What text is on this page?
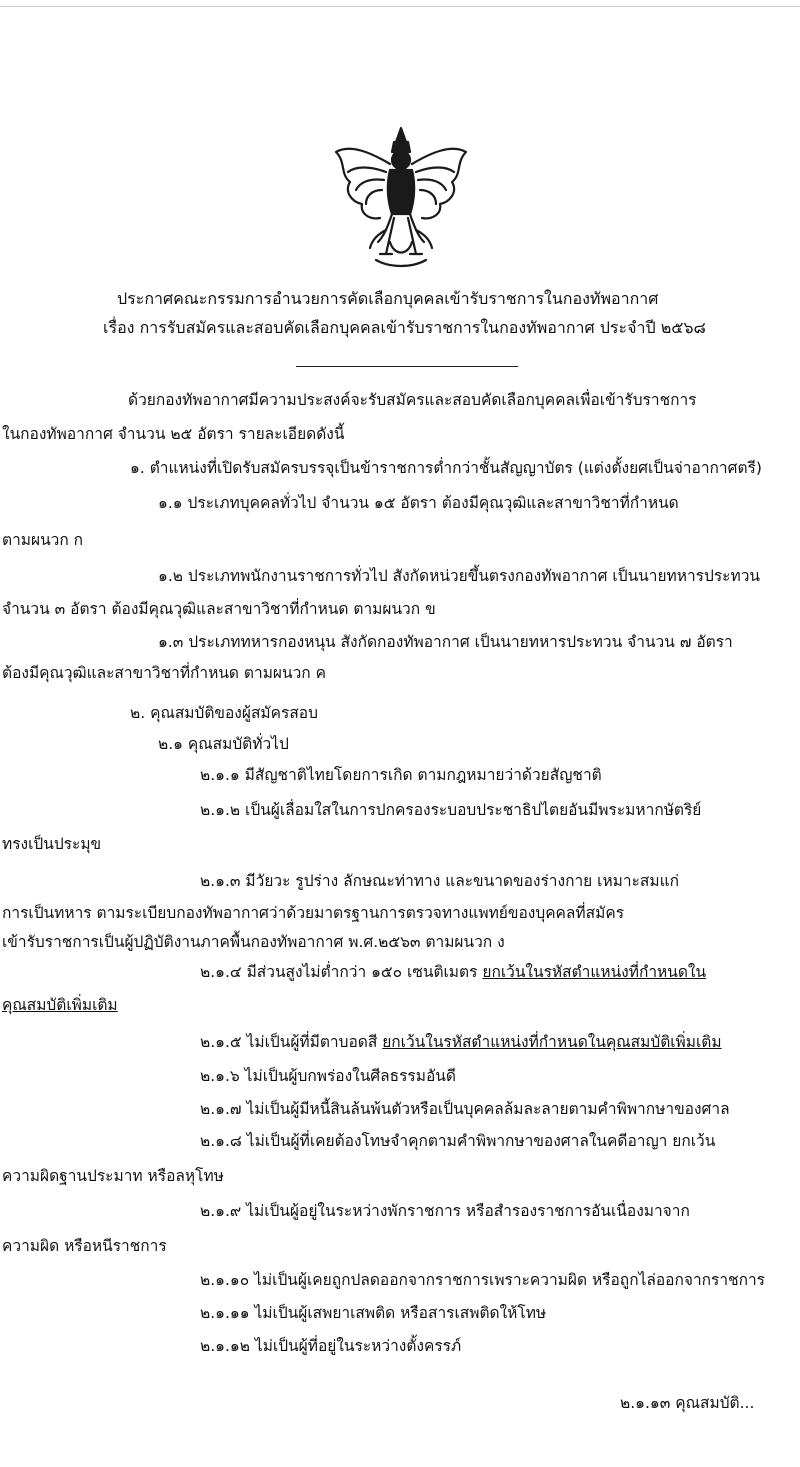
ประกาศคณะกรรมการอำนวยการคัดเลือกบุคคลเข้ารับราชการในกองทัพอากาศ
เรื่อง การรับสมัครและสอบคัดเลือกบุคคลเข้ารับราชการในกองทัพอากาศ ประจำปี ๒๕๖๘
ด้วยกองทัพอากาศมีความประสงค์จะรับสมัครและสอบคัดเลือกบุคคลเพื่อเข้ารับราชการ
ในกองทัพอากาศ จำนวน ๒๕ อัตรา รายละเอียดดังนี้
๑. ตำแหน่งที่เปิดรับสมัครบรรจุเป็นข้าราชการต่ำกว่าชั้นสัญญาบัตร (แต่งตั้งยศเป็นจ่าอากาศตรี)
๑.๑ ประเภทบุคคลทั่วไป จำนวน ๑๕ อัตรา ต้องมีคุณวุฒิและสาขาวิชาที่กำหนด
ตามผนวก ก
๑.๒ ประเภทพนักงานราชการทั่วไป สังกัดหน่วยขึ้นตรงกองทัพอากาศ เป็นนายทหารประทวน
จำนวน ๓ อัตรา ต้องมีคุณวุฒิและสาขาวิชาที่กำหนด ตามผนวก ข
๑.๓ ประเภททหารกองหนุน สังกัดกองทัพอากาศ เป็นนายทหารประทวน จำนวน ๗ อัตรา
ต้องมีคุณวุฒิและสาขาวิชาที่กำหนด ตามผนวก ค
๒. คุณสมบัติของผู้สมัครสอบ
๒.๑ คุณสมบัติทั่วไป
๒.๑.๑ มีสัญชาติไทยโดยการเกิด ตามกฎหมายว่าด้วยสัญชาติ
๒.๑.๒ เป็นผู้เลื่อมใสในการปกครองระบอบประชาธิปไตยอันมีพระมหากษัตริย์
ทรงเป็นประมุข
๒.๑.๓ มีวัยวะ รูปร่าง ลักษณะท่าทาง และขนาดของร่างกาย เหมาะสมแก่
การเป็นทหาร ตามระเบียบกองทัพอากาศว่าด้วยมาตรฐานการตรวจทางแพทย์ของบุคคลที่สมัคร
เข้ารับราชการเป็นผู้ปฏิบัติงานภาคพื้นกองทัพอากาศ พ.ศ.๒๕๖๓ ตามผนวก ง
๒.๑.๔ มีส่วนสูงไม่ต่ำกว่า ๑๕๐ เซนติเมตร ยกเว้นในรหัสตำแหน่งที่กำหนดใน
คุณสมบัติเพิ่มเติม
๒.๑.๕ ไม่เป็นผู้ที่มีตาบอดสี ยกเว้นในรหัสตำแหน่งที่กำหนดในคุณสมบัติเพิ่มเติม
๒.๑.๖ ไม่เป็นผู้บกพร่องในศีลธรรมอันดี
๒.๑.๗ ไม่เป็นผู้มีหนี้สินล้นพ้นตัวหรือเป็นบุคคลล้มละลายตามคำพิพากษาของศาล
๒.๑.๘ ไม่เป็นผู้ที่เคยต้องโทษจำคุกตามคำพิพากษาของศาลในคดีอาญา ยกเว้น
ความผิดฐานประมาท หรือลหุโทษ
๒.๑.๙ ไม่เป็นผู้อยู่ในระหว่างพักราชการ หรือสำรองราชการอันเนื่องมาจาก
ความผิด หรือหนีราชการ
๒.๑.๑๐ ไม่เป็นผู้เคยถูกปลดออกจากราชการเพราะความผิด หรือถูกไล่ออกจากราชการ
๒.๑.๑๑ ไม่เป็นผู้เสพยาเสพติด หรือสารเสพติดให้โทษ
๒.๑.๑๒ ไม่เป็นผู้ที่อยู่ในระหว่างตั้งครรภ์
๒.๑.๑๓ คุณสมบัติ...
